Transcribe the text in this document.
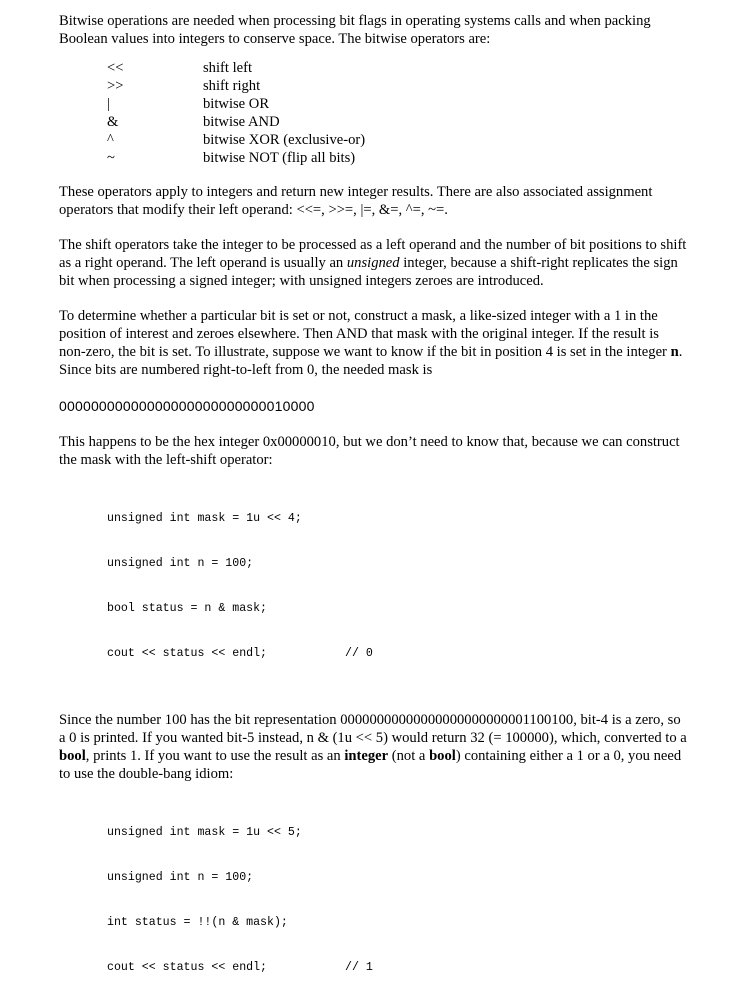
Bitwise operations are needed when processing bit flags in operating systems calls and when packing Boolean values into integers to conserve space. The bitwise operators are:

<<	shift left
>>	shift right
|	bitwise OR
&	bitwise AND
^	bitwise XOR (exclusive-or)
~	bitwise NOT (flip all bits)

These operators apply to integers and return new integer results. There are also associated assignment operators that modify their left operand: <<=, >>=, |=, &=, ^=, ~=.

The shift operators take the integer to be processed as a left operand and the number of bit positions to shift as a right operand. The left operand is usually an unsigned integer, because a shift-right replicates the sign bit when processing a signed integer; with unsigned integers zeroes are introduced.

To determine whether a particular bit is set or not, construct a mask, a like-sized integer with a 1 in the position of interest and zeroes elsewhere. Then AND that mask with the original integer. If the result is non-zero, the bit is set. To illustrate, suppose we want to know if the bit in position 4 is set in the integer n. Since bits are numbered right-to-left from 0, the needed mask is

00000000000000000000000000010000

This happens to be the hex integer 0x00000010, but we don’t need to know that, because we can construct the mask with the left-shift operator:

unsigned int mask = 1u << 4;

unsigned int n = 100;

bool status = n & mask;

cout << status << endl;	// 0

Since the number 100 has the bit representation 00000000000000000000000001100100, bit-4 is a zero, so a 0 is printed. If you wanted bit-5 instead, n & (1u << 5) would return 32 (= 100000), which, converted to a bool, prints 1. If you want to use the result as an integer (not a bool) containing either a 1 or a 0, you need to use the double-bang idiom:

unsigned int mask = 1u << 5;

unsigned int n = 100;

int status = !!(n & mask);

cout << status << endl;	// 1
